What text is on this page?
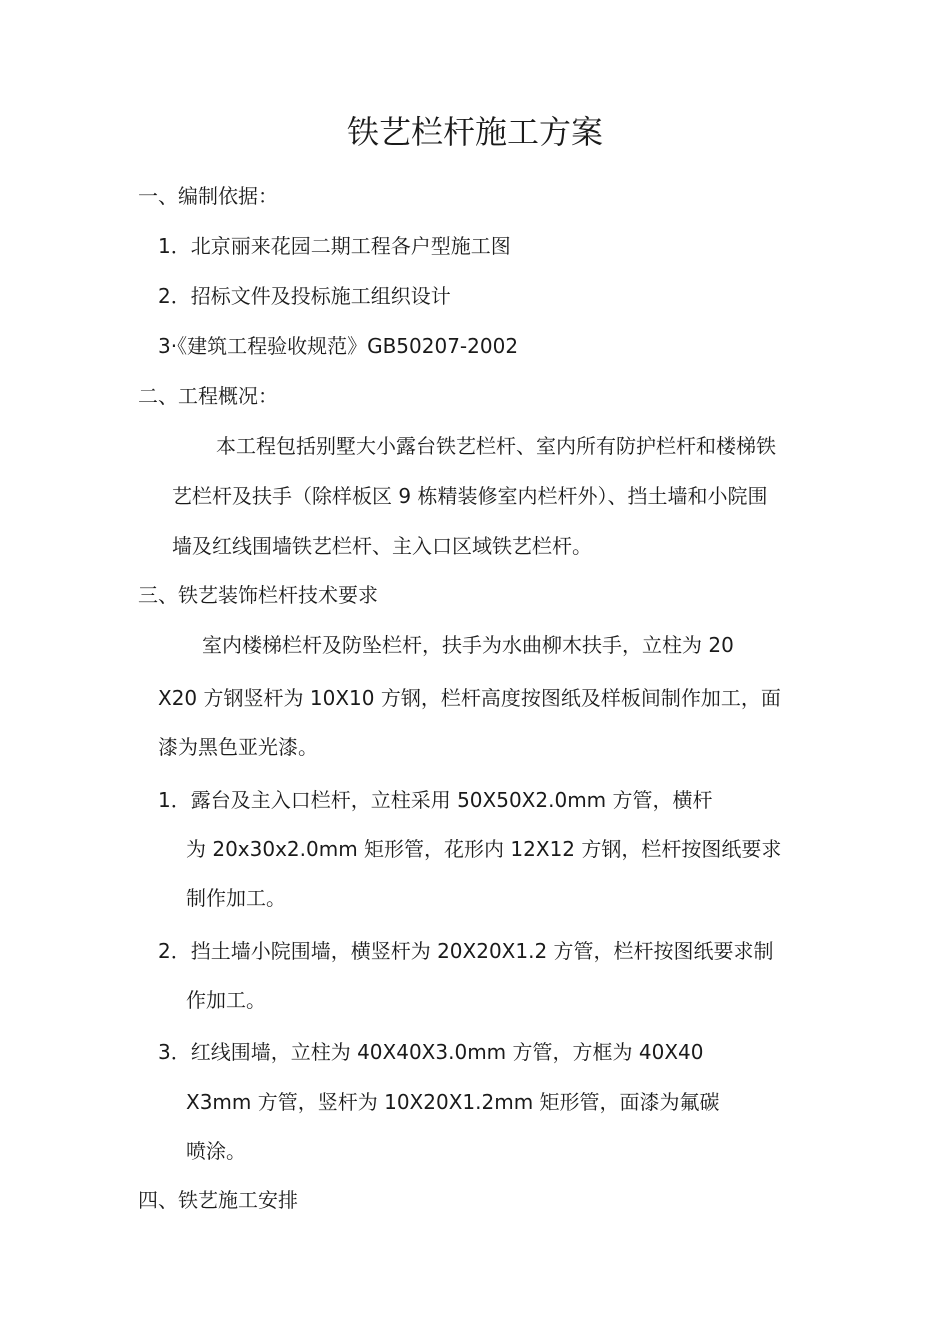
铁艺栏杆施工方案
一、编制依据：
1．北京丽来花园二期工程各户型施工图
2．招标文件及投标施工组织设计
3·《建筑工程验收规范》GB50207-2002
二、工程概况：
本工程包括别墅大小露台铁艺栏杆、室内所有防护栏杆和楼梯铁
艺栏杆及扶手（除样板区 9 栋精装修室内栏杆外）、挡土墙和小院围
墙及红线围墙铁艺栏杆、主入口区域铁艺栏杆。
三、铁艺装饰栏杆技术要求
室内楼梯栏杆及防坠栏杆，扶手为水曲柳木扶手，立柱为 20
X20 方钢竖杆为 10X10 方钢，栏杆高度按图纸及样板间制作加工，面
漆为黑色亚光漆。
1．露台及主入口栏杆，立柱采用 50X50X2.0mm 方管，横杆
为 20x30x2.0mm 矩形管，花形内 12X12 方钢，栏杆按图纸要求
制作加工。
2．挡土墙小院围墙，横竖杆为 20X20X1.2 方管，栏杆按图纸要求制
作加工。
3．红线围墙，立柱为 40X40X3.0mm 方管，方框为 40X40
X3mm 方管，竖杆为 10X20X1.2mm 矩形管，面漆为氟碳
喷涂。
四、铁艺施工安排
